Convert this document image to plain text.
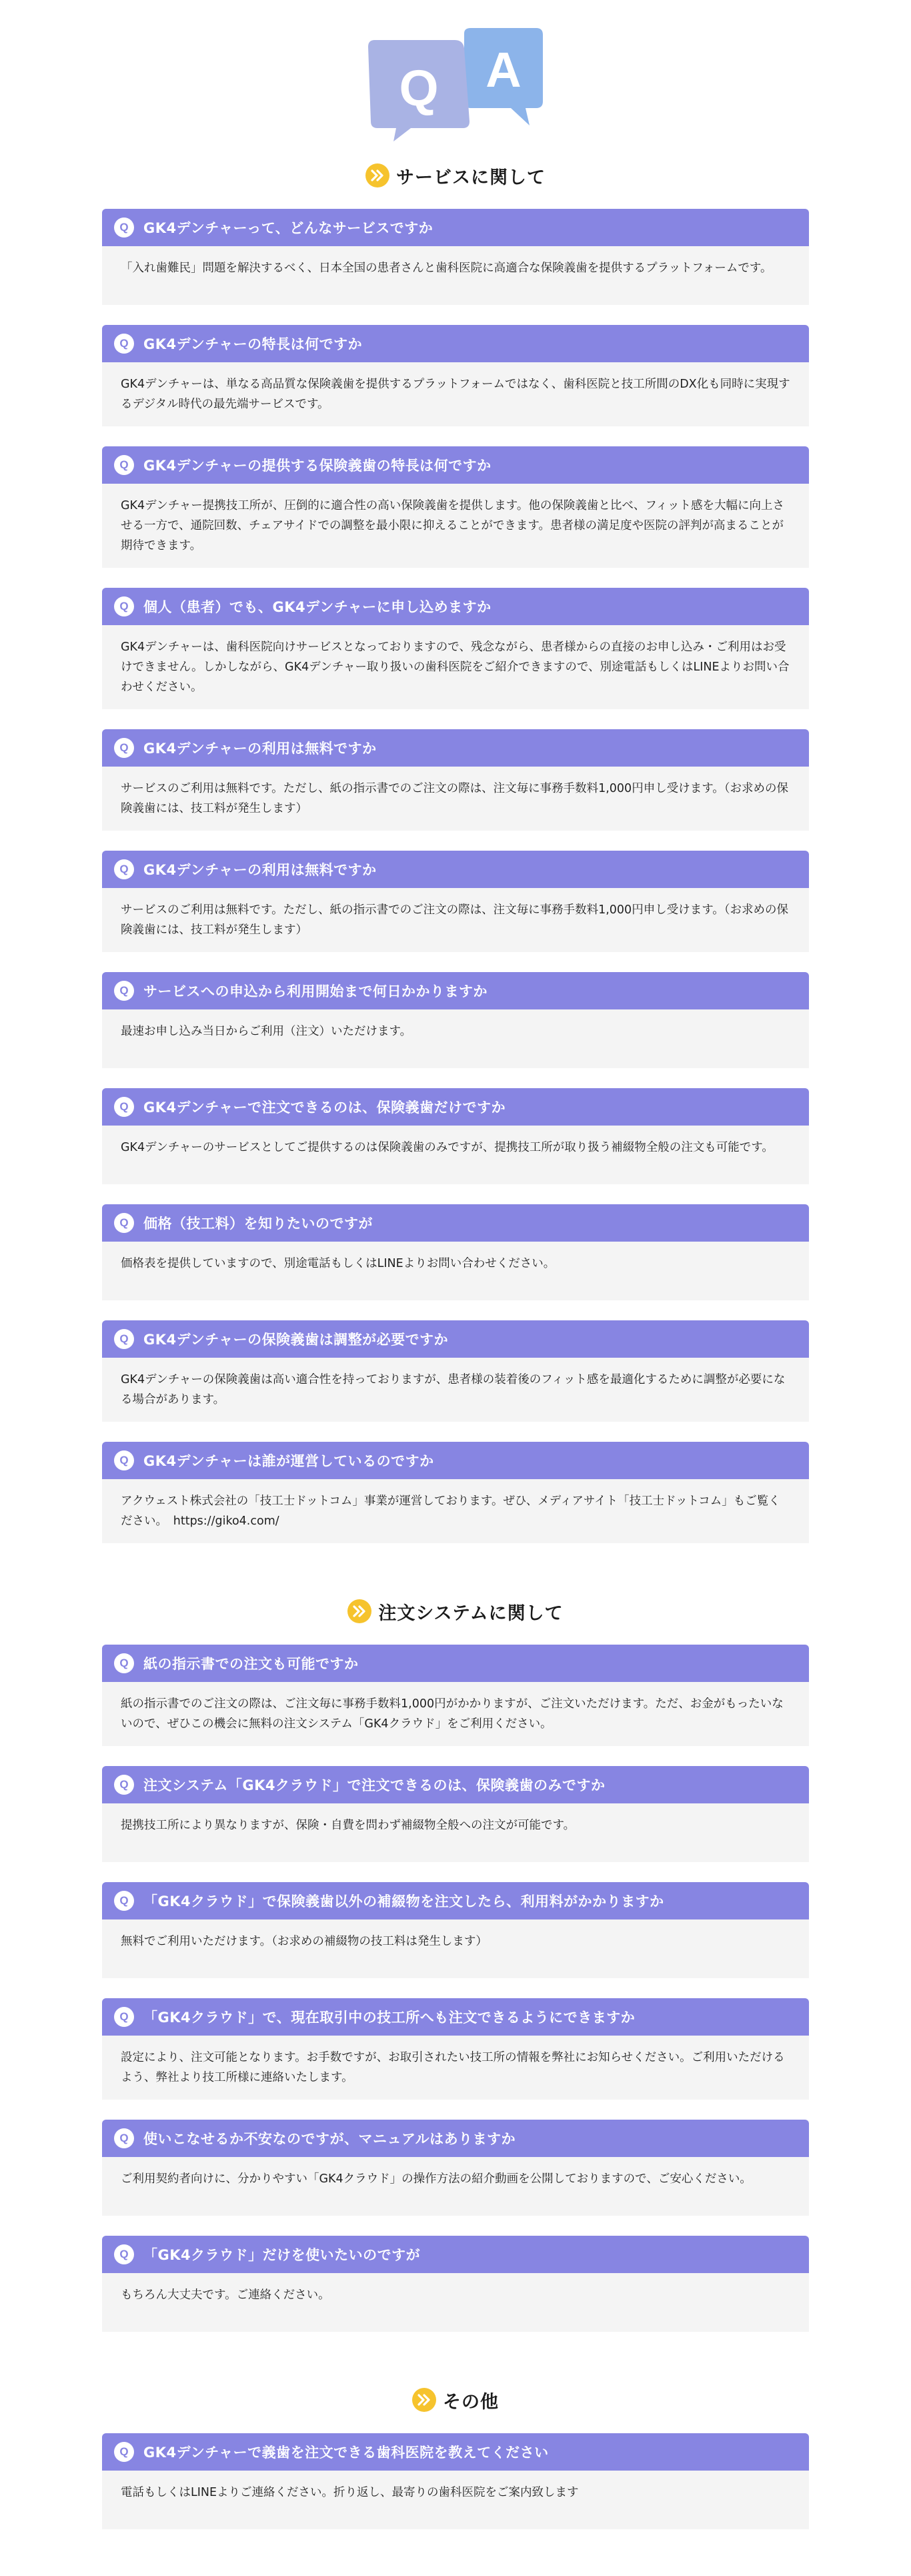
A
Q
サービスに関して
Q GK4デンチャーって、どんなサービスですか
「入れ歯難民」問題を解決するべく、日本全国の患者さんと歯科医院に高適合な保険義歯を提供するプラットフォームです。
Q GK4デンチャーの特長は何ですか
GK4デンチャーは、単なる高品質な保険義歯を提供するプラットフォームではなく、歯科医院と技工所間のDX化も同時に実現するデジタル時代の最先端サービスです。
Q GK4デンチャーの提供する保険義歯の特長は何ですか
GK4デンチャー提携技工所が、圧倒的に適合性の高い保険義歯を提供します。他の保険義歯と比べ、フィット感を大幅に向上させる一方で、通院回数、チェアサイドでの調整を最小限に抑えることができます。患者様の満足度や医院の評判が高まることが期待できます。
Q 個人（患者）でも、GK4デンチャーに申し込めますか
GK4デンチャーは、歯科医院向けサービスとなっておりますので、残念ながら、患者様からの直接のお申し込み・ご利用はお受けできません。しかしながら、GK4デンチャー取り扱いの歯科医院をご紹介できますので、別途電話もしくはLINEよりお問い合わせください。
Q GK4デンチャーの利用は無料ですか
サービスのご利用は無料です。ただし、紙の指示書でのご注文の際は、注文毎に事務手数料1,000円申し受けます。（お求めの保険義歯には、技工料が発生します）
Q GK4デンチャーの利用は無料ですか
サービスのご利用は無料です。ただし、紙の指示書でのご注文の際は、注文毎に事務手数料1,000円申し受けます。（お求めの保険義歯には、技工料が発生します）
Q サービスへの申込から利用開始まで何日かかりますか
最速お申し込み当日からご利用（注文）いただけます。
Q GK4デンチャーで注文できるのは、保険義歯だけですか
GK4デンチャーのサービスとしてご提供するのは保険義歯のみですが、提携技工所が取り扱う補綴物全般の注文も可能です。
Q 価格（技工料）を知りたいのですが
価格表を提供していますので、別途電話もしくはLINEよりお問い合わせください。
Q GK4デンチャーの保険義歯は調整が必要ですか
GK4デンチャーの保険義歯は高い適合性を持っておりますが、患者様の装着後のフィット感を最適化するために調整が必要になる場合があります。
Q GK4デンチャーは誰が運営しているのですか
アクウェスト株式会社の「技工士ドットコム」事業が運営しております。ぜひ、メディアサイト「技工士ドットコム」もご覧ください。　https://giko4.com/
注文システムに関して
Q 紙の指示書での注文も可能ですか
紙の指示書でのご注文の際は、ご注文毎に事務手数料1,000円がかかりますが、ご注文いただけます。ただ、お金がもったいないので、ぜひこの機会に無料の注文システム「GK4クラウド」をご利用ください。
Q 注文システム「GK4クラウド」で注文できるのは、保険義歯のみですか
提携技工所により異なりますが、保険・自費を問わず補綴物全般への注文が可能です。
Q 「GK4クラウド」で保険義歯以外の補綴物を注文したら、利用料がかかりますか
無料でご利用いただけます。（お求めの補綴物の技工料は発生します）
Q 「GK4クラウド」で、現在取引中の技工所へも注文できるようにできますか
設定により、注文可能となります。お手数ですが、お取引されたい技工所の情報を弊社にお知らせください。ご利用いただけるよう、弊社より技工所様に連絡いたします。
Q 使いこなせるか不安なのですが、マニュアルはありますか
ご利用契約者向けに、分かりやすい「GK4クラウド」の操作方法の紹介動画を公開しておりますので、ご安心ください。
Q 「GK4クラウド」だけを使いたいのですが
もちろん大丈夫です。ご連絡ください。
その他
Q GK4デンチャーで義歯を注文できる歯科医院を教えてください
電話もしくはLINEよりご連絡ください。折り返し、最寄りの歯科医院をご案内致します
